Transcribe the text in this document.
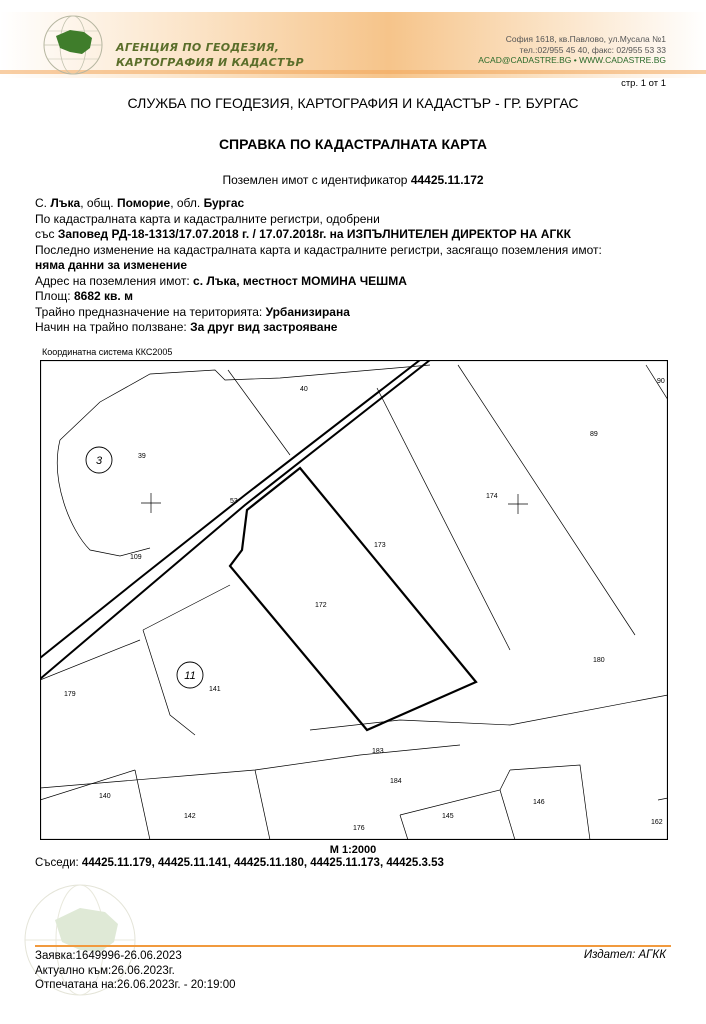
АГЕНЦИЯ ПО ГЕОДЕЗИЯ,
КАРТОГРАФИЯ И КАДАСТЪР
София 1618, кв.Павлово, ул.Мусала №1
тел.:02/955 45 40, факс: 02/955 53 33
ACAD@CADASTRE.BG • WWW.CADASTRE.BG
стр. 1 от 1
СЛУЖБА ПО ГЕОДЕЗИЯ, КАРТОГРАФИЯ И КАДАСТЪР - ГР. БУРГАС
СПРАВКА ПО КАДАСТРАЛНАТА КАРТА
Поземлен имот с идентификатор 44425.11.172
С. Лъка, общ. Поморие, обл. Бургас
По кадастралната карта и кадастралните регистри, одобрени
със Заповед РД-18-1313/17.07.2018 г. / 17.07.2018г. на ИЗПЪЛНИТЕЛЕН ДИРЕКТОР НА АГКК
Последно изменение на кадастралната карта и кадастралните регистри, засягащо поземления имот:
няма данни за изменение
Адрес на поземления имот: с. Лъка, местност МОМИНА ЧЕШМА
Площ: 8682 кв. м
Трайно предназначение на територията: Урбанизирана
Начин на трайно ползване: За друг вид застрояване
Координатна система ККС2005
3
11
40
90
39
89
53
174
173
109
172
180
141
179
183
184
146
140
145
142
176
162
М 1:2000
Съседи: 44425.11.179, 44425.11.141, 44425.11.180, 44425.11.173, 44425.3.53
Заявка:1649996-26.06.2023
Актуално към:26.06.2023г.
Отпечатана на:26.06.2023г. - 20:19:00
Издател: АГКК
